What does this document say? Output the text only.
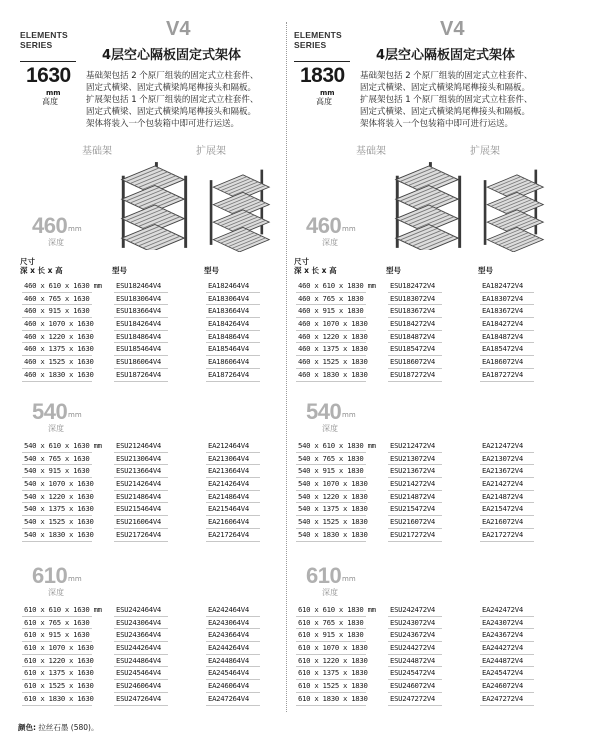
颜色: 拉丝石墨 (580)。
ELEMENTS
SERIES
V4
4层空心隔板固定式架体
1630
mm
高度
基础架包括 2 个原厂组装的固定式立柱套件、
固定式横梁、固定式横梁鸠尾榫接头和隔板。
扩展架包括 1 个原厂组装的固定式立柱套件、
固定式横梁、固定式横梁鸠尾榫接头和隔板。
架体将装入一个包装箱中即可进行运送。
基础架	扩展架
尺寸
深 x 长 x 高	型号	型号
460 mm
深度
460 x 610 x 1630 mm ESU182464V4	EA182464V4
460 x 765 x 1630	ESU183064V4	EA183064V4
460 x 915 x 1630	ESU183664V4	EA183664V4
460 x 1070 x 1630	ESU184264V4	EA184264V4
460 x 1220 x 1630	ESU184864V4	EA184864V4
460 x 1375 x 1630	ESU185464V4	EA185464V4
460 x 1525 x 1630	ESU186064V4	EA186064V4
460 x 1830 x 1630	ESU187264V4	EA187264V4
540 mm
深度
540 x 610 x 1630 mm ESU212464V4	EA212464V4
540 x 765 x 1630	ESU213064V4	EA213064V4
540 x 915 x 1630	ESU213664V4	EA213664V4
540 x 1070 x 1630	ESU214264V4	EA214264V4
540 x 1220 x 1630	ESU214864V4	EA214864V4
540 x 1375 x 1630	ESU215464V4	EA215464V4
540 x 1525 x 1630	ESU216064V4	EA216064V4
540 x 1830 x 1630	ESU217264V4	EA217264V4
610 mm
深度
610 x 610 x 1630 mm ESU242464V4	EA242464V4
610 x 765 x 1630	ESU243064V4	EA243064V4
610 x 915 x 1630	ESU243664V4	EA243664V4
610 x 1070 x 1630	ESU244264V4	EA244264V4
610 x 1220 x 1630	ESU244864V4	EA244864V4
610 x 1375 x 1630	ESU245464V4	EA245464V4
610 x 1525 x 1630	ESU246064V4	EA246064V4
610 x 1830 x 1630	ESU247264V4	EA247264V4
ELEMENTS
SERIES
V4
4层空心隔板固定式架体
1830
mm
高度
基础架包括 2 个原厂组装的固定式立柱套件、
固定式横梁、固定式横梁鸠尾榫接头和隔板。
扩展架包括 1 个原厂组装的固定式立柱套件、
固定式横梁、固定式横梁鸠尾榫接头和隔板。
架体将装入一个包装箱中即可进行运送。
基础架	扩展架
尺寸
深 x 长 x 高	型号	型号
460 mm
深度
460 x 610 x 1830 mm ESU182472V4	EA182472V4
460 x 765 x 1830	ESU183072V4	EA183072V4
460 x 915 x 1830	ESU183672V4	EA183672V4
460 x 1070 x 1830	ESU184272V4	EA184272V4
460 x 1220 x 1830	ESU184872V4	EA184872V4
460 x 1375 x 1830	ESU185472V4	EA185472V4
460 x 1525 x 1830	ESU186072V4	EA186072V4
460 x 1830 x 1830	ESU187272V4	EA187272V4
540 mm
深度
540 x 610 x 1830 mm ESU212472V4	EA212472V4
540 x 765 x 1830	ESU213072V4	EA213072V4
540 x 915 x 1830	ESU213672V4	EA213672V4
540 x 1070 x 1830	ESU214272V4	EA214272V4
540 x 1220 x 1830	ESU214872V4	EA214872V4
540 x 1375 x 1830	ESU215472V4	EA215472V4
540 x 1525 x 1830	ESU216072V4	EA216072V4
540 x 1830 x 1830	ESU217272V4	EA217272V4
610 mm
深度
610 x 610 x 1830 mm ESU242472V4	EA242472V4
610 x 765 x 1830	ESU243072V4	EA243072V4
610 x 915 x 1830	ESU243672V4	EA243672V4
610 x 1070 x 1830	ESU244272V4	EA244272V4
610 x 1220 x 1830	ESU244872V4	EA244872V4
610 x 1375 x 1830	ESU245472V4	EA245472V4
610 x 1525 x 1830	ESU246072V4	EA246072V4
610 x 1830 x 1830	ESU247272V4	EA247272V4
